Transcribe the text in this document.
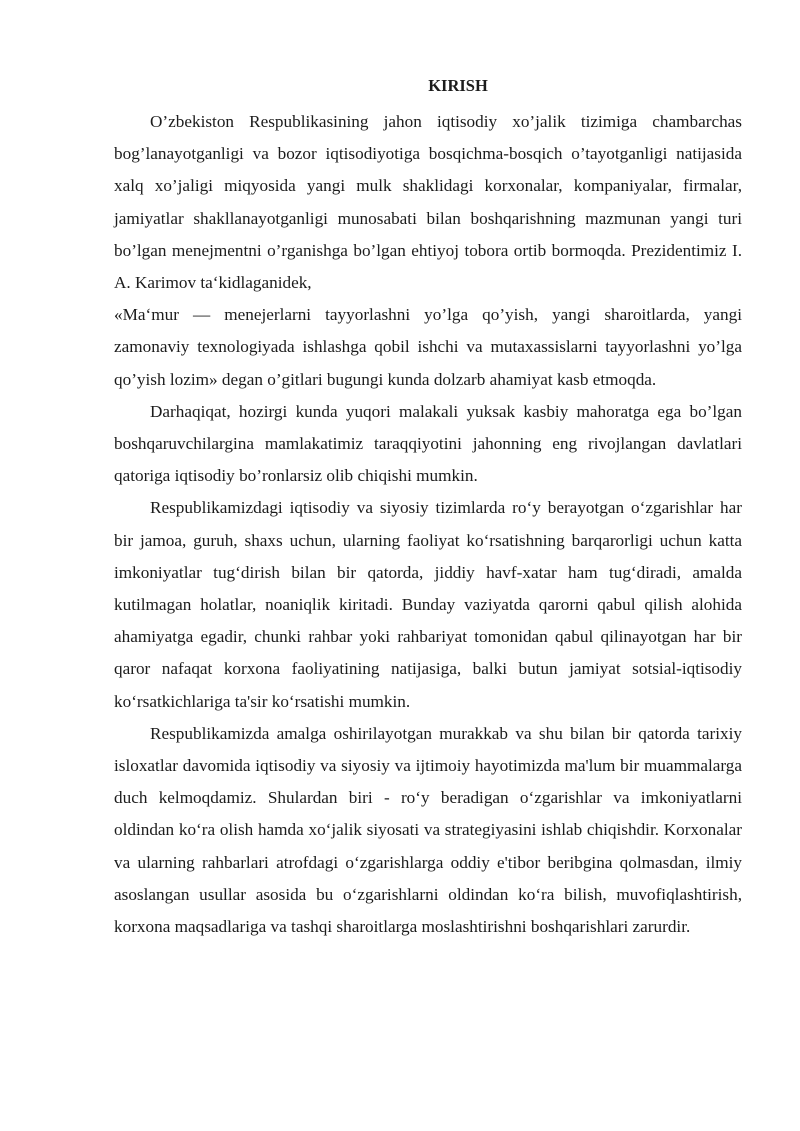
KIRISH

O’zbekiston Respublikasining jahon iqtisodiy xo’jalik tizimiga chambarchas bog’lanayotganligi va bozor iqtisodiyotiga bosqichma-bosqich o’tayotganligi natijasida xalq xo’jaligi miqyosida yangi mulk shaklidagi korxonalar, kompaniyalar, firmalar, jamiyatlar shakllanayotganligi munosabati bilan boshqarishning mazmunan yangi turi bo’lgan menejmentni o’rganishga bo’lgan ehtiyoj tobora ortib bormoqda. Prezidentimiz I. A. Karimov ta‘kidlaganidek,

«Ma‘mur — menejerlarni tayyorlashni yo’lga qo’yish, yangi sharoitlarda, yangi zamonaviy texnologiyada ishlashga qobil ishchi va mutaxassislarni tayyorlashni yo’lga qo’yish lozim» degan o’gitlari bugungi kunda dolzarb ahamiyat kasb etmoqda.

Darhaqiqat, hozirgi kunda yuqori malakali yuksak kasbiy mahoratga ega bo’lgan boshqaruvchilargina mamlakatimiz taraqqiyotini jahonning eng rivojlangan davlatlari qatoriga iqtisodiy bo’ronlarsiz olib chiqishi mumkin.

Respublikamizdagi iqtisodiy va siyosiy tizimlarda ro‘y berayotgan o‘zgarishlar har bir jamoa, guruh, shaxs uchun, ularning faoliyat ko‘rsatishning barqarorligi uchun katta imkoniyatlar tug‘dirish bilan bir qatorda, jiddiy havf-xatar ham tug‘diradi, amalda kutilmagan holatlar, noaniqlik kiritadi. Bunday vaziyatda qarorni qabul qilish alohida ahamiyatga egadir, chunki rahbar yoki rahbariyat tomonidan qabul qilinayotgan har bir qaror nafaqat korxona faoliyatining natijasiga, balki butun jamiyat sotsial-iqtisodiy ko‘rsatkichlariga ta'sir ko‘rsatishi mumkin.

Respublikamizda amalga oshirilayotgan murakkab va shu bilan bir qatorda tarixiy isloxatlar davomida iqtisodiy va siyosiy va ijtimoiy hayotimizda ma'lum bir muammalarga duch kelmoqdamiz. Shulardan biri - ro‘y beradigan o‘zgarishlar va imkoniyatlarni oldindan ko‘ra olish hamda xo‘jalik siyosati va strategiyasini ishlab chiqishdir. Korxonalar va ularning rahbarlari atrofdagi o‘zgarishlarga oddiy e'tibor beribgina qolmasdan, ilmiy asoslangan usullar asosida bu o‘zgarishlarni oldindan ko‘ra bilish, muvofiqlashtirish, korxona maqsadlariga va tashqi sharoitlarga moslashtirishni boshqarishlari zarurdir.
